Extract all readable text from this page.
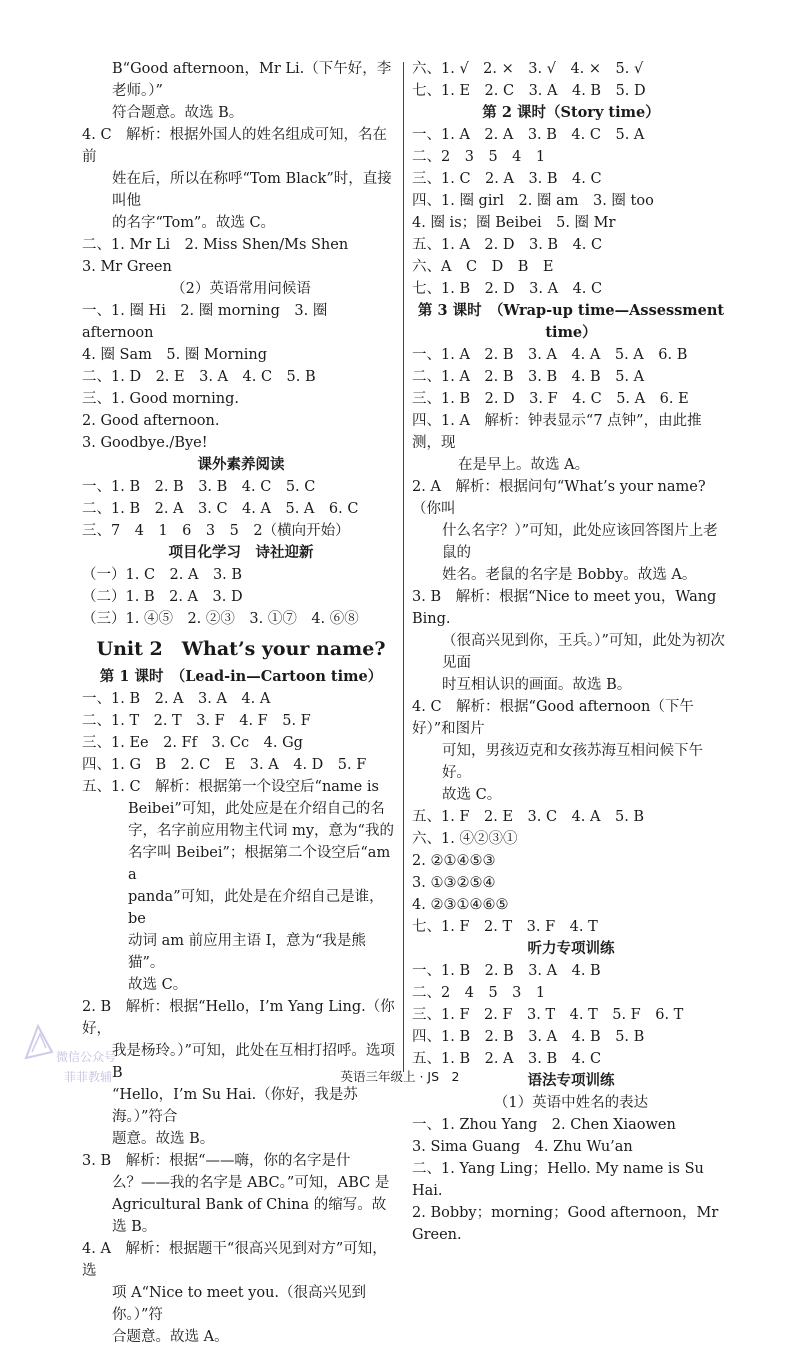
B“Good afternoon，Mr Li.（下午好，李老师。）”
符合题意。故选 B。
4. C　解析：根据外国人的姓名组成可知，名在前
姓在后，所以在称呼“Tom Black”时，直接叫他
的名字“Tom”。故选 C。
二、1. Mr Li　2. Miss Shen/Ms Shen
3. Mr Green
（2）英语常用问候语
一、1. 圈 Hi　2. 圈 morning　3. 圈 afternoon
4. 圈 Sam　5. 圈 Morning
二、1. D　2. E　3. A　4. C　5. B
三、1. Good morning.
2. Good afternoon.
3. Goodbye./Bye!
课外素养阅读
一、1. B　2. B　3. B　4. C　5. C
二、1. B　2. A　3. C　4. A　5. A　6. C
三、7　4　1　6　3　5　2（横向开始）
项目化学习　诗社迎新
（一）1. C　2. A　3. B
（二）1. B　2. A　3. D
（三）1. ④⑤　2. ②③　3. ①⑦　4. ⑥⑧
Unit 2　What’s your name?
第 1 课时　（Lead-in—Cartoon time）
一、1. B　2. A　3. A　4. A
二、1. T　2. T　3. F　4. F　5. F
三、1. Ee　2. Ff　3. Cc　4. Gg
四、1. G　B　2. C　E　3. A　4. D　5. F
五、1. C　解析：根据第一个设空后“name is
Beibei”可知，此处应是在介绍自己的名
字，名字前应用物主代词 my，意为“我的
名字叫 Beibei”；根据第二个设空后“am a
panda”可知，此处是在介绍自己是谁，be
动词 am 前应用主语 I，意为“我是熊猫”。
故选 C。
2. B　解析：根据“Hello，I’m Yang Ling.（你好，
我是杨玲。）”可知，此处在互相打招呼。选项 B
“Hello，I’m Su Hai.（你好，我是苏海。）”符合
题意。故选 B。
3. B　解析：根据“——嗨，你的名字是什
么？——我的名字是 ABC。”可知，ABC 是
Agricultural Bank of China 的缩写。故选 B。
4. A　解析：根据题干“很高兴见到对方”可知，选
项 A“Nice to meet you.（很高兴见到你。）”符
合题意。故选 A。
六、1. √　2. ×　3. √　4. ×　5. √
七、1. E　2. C　3. A　4. B　5. D
第 2 课时（Story time）
一、1. A　2. A　3. B　4. C　5. A
二、2　3　5　4　1
三、1. C　2. A　3. B　4. C
四、1. 圈 girl　2. 圈 am　3. 圈 too
4. 圈 is；圈 Beibei　5. 圈 Mr
五、1. A　2. D　3. B　4. C
六、A　C　D　B　E
七、1. B　2. D　3. A　4. C
第 3 课时　（Wrap-up time—Assessment time）
一、1. A　2. B　3. A　4. A　5. A　6. B
二、1. A　2. B　3. B　4. B　5. A
三、1. B　2. D　3. F　4. C　5. A　6. E
四、1. A　解析：钟表显示“7 点钟”，由此推测，现
在是早上。故选 A。
2. A　解析：根据问句“What’s your name?（你叫
什么名字？）”可知，此处应该回答图片上老鼠的
姓名。老鼠的名字是 Bobby。故选 A。
3. B　解析：根据“Nice to meet you，Wang Bing.
（很高兴见到你，王兵。）”可知，此处为初次见面
时互相认识的画面。故选 B。
4. C　解析：根据“Good afternoon（下午好）”和图片
可知，男孩迈克和女孩苏海互相问候下午好。
故选 C。
五、1. F　2. E　3. C　4. A　5. B
六、1. ④②③①
2. ②①④⑤③
3. ①③②⑤④
4. ②③①④⑥⑤
七、1. F　2. T　3. F　4. T
听力专项训练
一、1. B　2. B　3. A　4. B
二、2　4　5　3　1
三、1. F　2. F　3. T　4. T　5. F　6. T
四、1. B　2. B　3. A　4. B　5. B
五、1. B　2. A　3. B　4. C
语法专项训练
（1）英语中姓名的表达
一、1. Zhou Yang　2. Chen Xiaowen
3. Sima Guang　4. Zhu Wu’an
二、1. Yang Ling；Hello. My name is Su Hai.
2. Bobby；morning；Good afternoon，Mr Green.
微信公众号
菲菲教辅	英语三年级上 · JS　2
